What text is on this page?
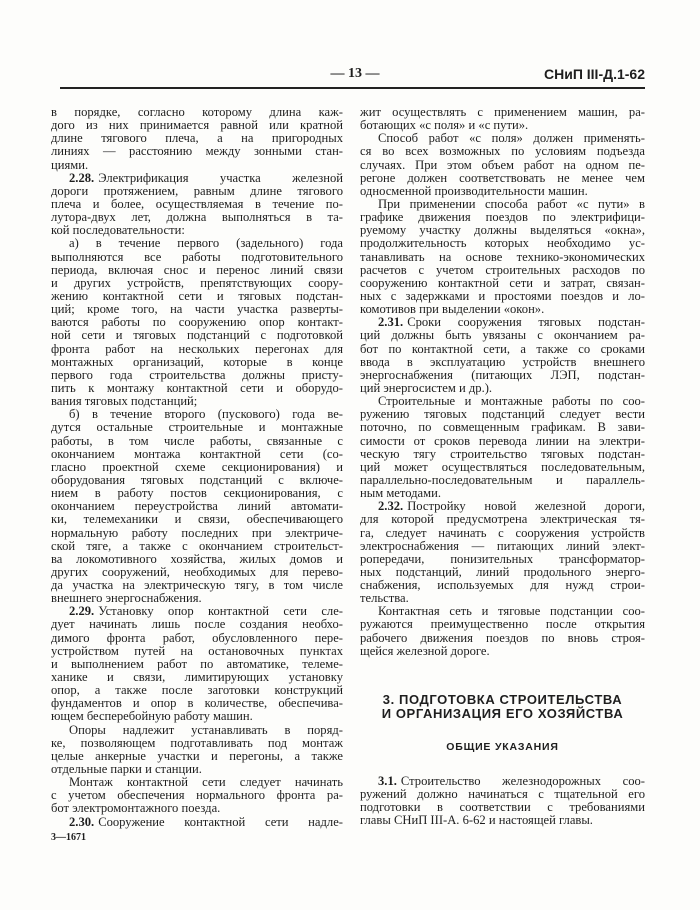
— 13 —	СНиП III-Д.1-62
в порядке, согласно которому длина каж-
дого из них принимается равной или кратной
длине тягового плеча, а на пригородных
линиях — расстоянию между зонными стан-
циями.
2.28. Электрификация участка железной
дороги протяжением, равным длине тягового
плеча и более, осуществляемая в течение по-
лутора-двух лет, должна выполняться в та-
кой последовательности:
а) в течение первого (задельного) года
выполняются все работы подготовительного
периода, включая снос и перенос линий связи
и других устройств, препятствующих соору-
жению контактной сети и тяговых подстан-
ций; кроме того, на части участка разверты-
ваются работы по сооружению опор контакт-
ной сети и тяговых подстанций с подготовкой
фронта работ на нескольких перегонах для
монтажных организаций, которые в конце
первого года строительства должны присту-
пить к монтажу контактной сети и оборудо-
вания тяговых подстанций;
б) в течение второго (пускового) года ве-
дутся остальные строительные и монтажные
работы, в том числе работы, связанные с
окончанием монтажа контактной сети (со-
гласно проектной схеме секционирования) и
оборудования тяговых подстанций с включе-
нием в работу постов секционирования, с
окончанием переустройства линий автомати-
ки, телемеханики и связи, обеспечивающего
нормальную работу последних при электриче-
ской тяге, а также с окончанием строительст-
ва локомотивного хозяйства, жилых домов и
других сооружений, необходимых для перево-
да участка на электрическую тягу, в том числе
внешнего энергоснабжения.
2.29. Установку опор контактной сети сле-
дует начинать лишь после создания необхо-
димого фронта работ, обусловленного пере-
устройством путей на остановочных пунктах
и выполнением работ по автоматике, телеме-
ханике и связи, лимитирующих установку
опор, а также после заготовки конструкций
фундаментов и опор в количестве, обеспечива-
ющем бесперебойную работу машин.
Опоры надлежит устанавливать в поряд-
ке, позволяющем подготавливать под монтаж
целые анкерные участки и перегоны, а также
отдельные парки и станции.
Монтаж контактной сети следует начинать
с учетом обеспечения нормального фронта ра-
бот электромонтажного поезда.
2.30. Сооружение контактной сети надле-
жит осуществлять с применением машин, ра-
ботающих «с поля» и «с пути».
Способ работ «с поля» должен применять-
ся во всех возможных по условиям подъезда
случаях. При этом объем работ на одном пе-
регоне должен соответствовать не менее чем
односменной производительности машин.
При применении способа работ «с пути» в
графике движения поездов по электрифици-
руемому участку должны выделяться «окна»,
продолжительность которых необходимо ус-
танавливать на основе технико-экономических
расчетов с учетом строительных расходов по
сооружению контактной сети и затрат, связан-
ных с задержками и простоями поездов и ло-
комотивов при выделении «окон».
2.31. Сроки сооружения тяговых подстан-
ций должны быть увязаны с окончанием ра-
бот по контактной сети, а также со сроками
ввода в эксплуатацию устройств внешнего
энергоснабжения (питающих ЛЭП, подстан-
ций энергосистем и др.).
Строительные и монтажные работы по соо-
ружению тяговых подстанций следует вести
поточно, по совмещенным графикам. В зави-
симости от сроков перевода линии на электри-
ческую тягу строительство тяговых подстан-
ций может осуществляться последовательным,
параллельно-последовательным и параллель-
ным методами.
2.32. Постройку новой железной дороги,
для которой предусмотрена электрическая тя-
га, следует начинать с сооружения устройств
электроснабжения — питающих линий элект-
ропередачи, понизительных трансформатор-
ных подстанций, линий продольного энерго-
снабжения, используемых для нужд строи-
тельства.
Контактная сеть и тяговые подстанции соо-
ружаются преимущественно после открытия
рабочего движения поездов по вновь строя-
щейся железной дороге.
3. ПОДГОТОВКА СТРОИТЕЛЬСТВА
И ОРГАНИЗАЦИЯ ЕГО ХОЗЯЙСТВА
ОБЩИЕ УКАЗАНИЯ
3.1. Строительство железнодорожных соо-
ружений должно начинаться с тщательной его
подготовки в соответствии с требованиями
главы СНиП III-А. 6-62 и настоящей главы.
3—1671
